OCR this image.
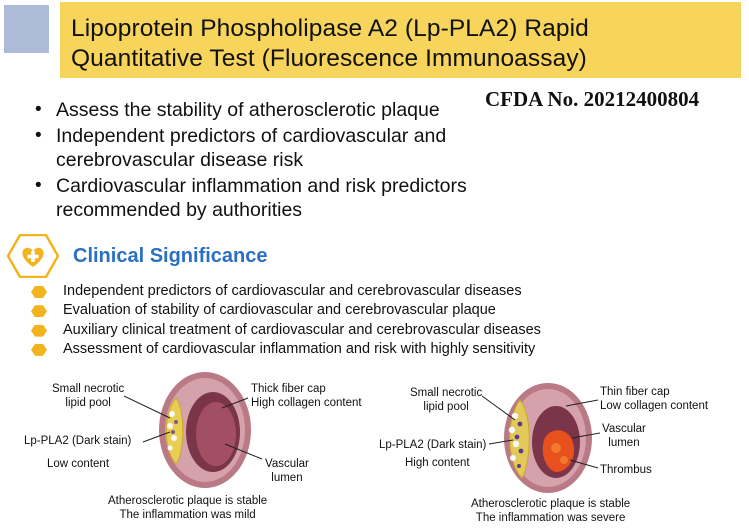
Lipoprotein Phospholipase A2 (Lp-PLA2) Rapid
Quantitative Test (Fluorescence Immunoassay)
CFDA No. 20212400804
• Assess the stability of atherosclerotic plaque
• Independent predictors of cardiovascular and cerebrovascular disease risk
• Cardiovascular inflammation and risk predictors recommended by authorities
Clinical Significance
Independent predictors of cardiovascular and cerebrovascular diseases
Evaluation of stability of cardiovascular and cerebrovascular plaque
Auxiliary clinical treatment of cardiovascular and cerebrovascular diseases
Assessment of cardiovascular inflammation and risk with highly sensitivity
Small necrotic
lipid pool
Thick fiber cap
High collagen content
Lp-PLA2 (Dark stain)
Low content	Vascular
lumen
Atherosclerotic plaque is stable
The inflammation was mild
Small necrotic
lipid pool
Thin fiber cap
Low collagen content
Vascular
lumen
Lp-PLA2 (Dark stain)
High content
Thrombus
Atherosclerotic plaque is stable
The inflammation was severe
